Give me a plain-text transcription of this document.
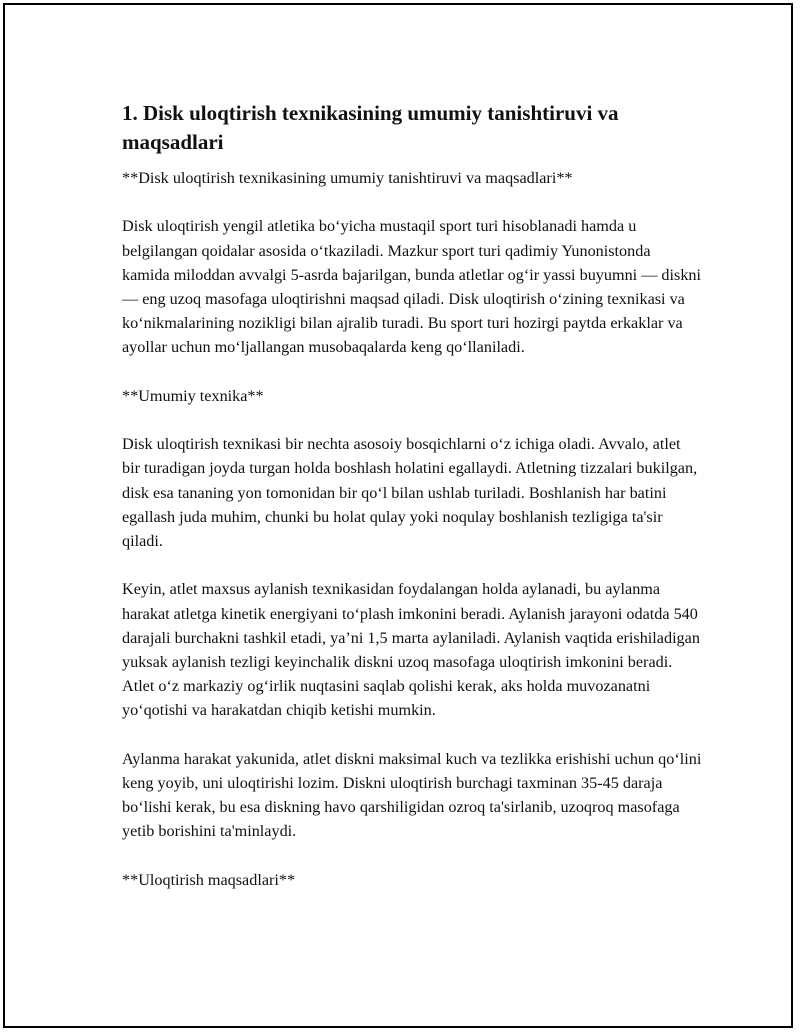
1. Disk uloqtirish texnikasining umumiy tanishtiruvi va maqsadlari

**Disk uloqtirish texnikasining umumiy tanishtiruvi va maqsadlari**

Disk uloqtirish yengil atletika bo‘yicha mustaqil sport turi hisoblanadi hamda u belgilangan qoidalar asosida o‘tkaziladi. Mazkur sport turi qadimiy Yunonistonda kamida miloddan avvalgi 5-asrda bajarilgan, bunda atletlar og‘ir yassi buyumni — diskni — eng uzoq masofaga uloqtirishni maqsad qiladi. Disk uloqtirish o‘zining texnikasi va ko‘nikmalarining nozikligi bilan ajralib turadi. Bu sport turi hozirgi paytda erkaklar va ayollar uchun mo‘ljallangan musobaqalarda keng qo‘llaniladi.

**Umumiy texnika**

Disk uloqtirish texnikasi bir nechta asosoiy bosqichlarni o‘z ichiga oladi. Avvalo, atlet bir turadigan joyda turgan holda boshlash holatini egallaydi. Atletning tizzalari bukilgan, disk esa tananing yon tomonidan bir qo‘l bilan ushlab turiladi. Boshlanish har batini egallash juda muhim, chunki bu holat qulay yoki noqulay boshlanish tezligiga ta'sir qiladi.

Keyin, atlet maxsus aylanish texnikasidan foydalangan holda aylanadi, bu aylanma harakat atletga kinetik energiyani to‘plash imkonini beradi. Aylanish jarayoni odatda 540 darajali burchakni tashkil etadi, ya’ni 1,5 marta aylaniladi. Aylanish vaqtida erishiladigan yuksak aylanish tezligi keyinchalik diskni uzoq masofaga uloqtirish imkonini beradi. Atlet o‘z markaziy og‘irlik nuqtasini saqlab qolishi kerak, aks holda muvozanatni yo‘qotishi va harakatdan chiqib ketishi mumkin.

Aylanma harakat yakunida, atlet diskni maksimal kuch va tezlikka erishishi uchun qo‘lini keng yoyib, uni uloqtirishi lozim. Diskni uloqtirish burchagi taxminan 35-45 daraja bo‘lishi kerak, bu esa diskning havo qarshiligidan ozroq ta'sirlanib, uzoqroq masofaga yetib borishini ta'minlaydi.

**Uloqtirish maqsadlari**
